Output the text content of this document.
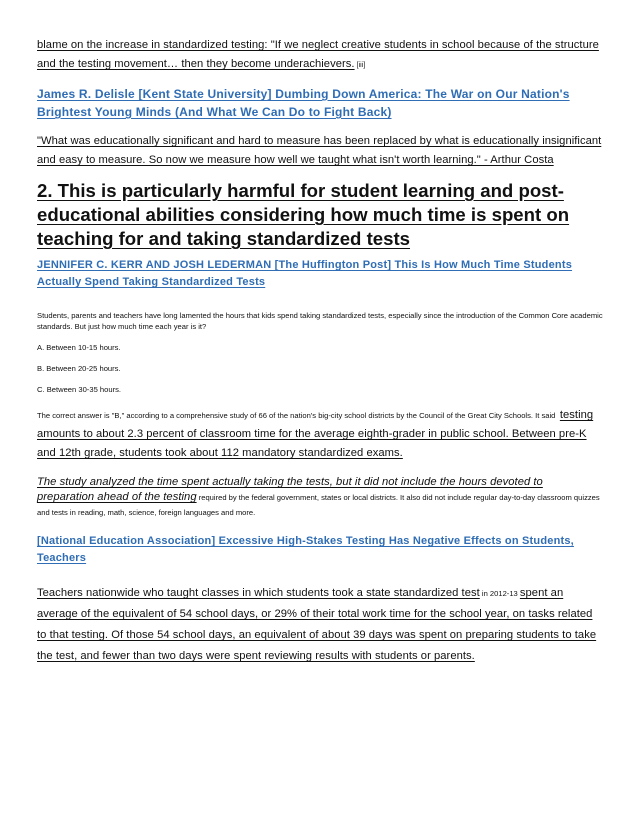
blame on the increase in standardized testing: "If we neglect creative students in school because of the structure and the testing movement… then they become underachievers. [iii]

James R. Delisle [Kent State University] Dumbing Down America: The War on Our Nation's Brightest Young Minds (And What We Can Do to Fight Back)

"What was educationally significant and hard to measure has been replaced by what is educationally insignificant and easy to measure. So now we measure how well we taught what isn't worth learning." - Arthur Costa

2. This is particularly harmful for student learning and post-educational abilities considering how much time is spent on teaching for and taking standardized tests

JENNIFER C. KERR AND JOSH LEDERMAN [The Huffington Post] This Is How Much Time Students Actually Spend Taking Standardized Tests

Students, parents and teachers have long lamented the hours that kids spend taking standardized tests, especially since the introduction of the Common Core academic standards. But just how much time each year is it?

A. Between 10-15 hours.

B. Between 20-25 hours.

C. Between 30-35 hours.

The correct answer is "B," according to a comprehensive study of 66 of the nation's big-city school districts by the Council of the Great City Schools. It said testing amounts to about 2.3 percent of classroom time for the average eighth-grader in public school. Between pre-K and 12th grade, students took about 112 mandatory standardized exams.

The study analyzed the time spent actually taking the tests, but it did not include the hours devoted to preparation ahead of the testing required by the federal government, states or local districts. It also did not include regular day-to-day classroom quizzes and tests in reading, math, science, foreign languages and more.

[National Education Association] Excessive High-Stakes Testing Has Negative Effects on Students, Teachers

Teachers nationwide who taught classes in which students took a state standardized test in 2012-13 spent an average of the equivalent of 54 school days, or 29% of their total work time for the school year, on tasks related to that testing. Of those 54 school days, an equivalent of about 39 days was spent on preparing students to take the test, and fewer than two days were spent reviewing results with students or parents.
